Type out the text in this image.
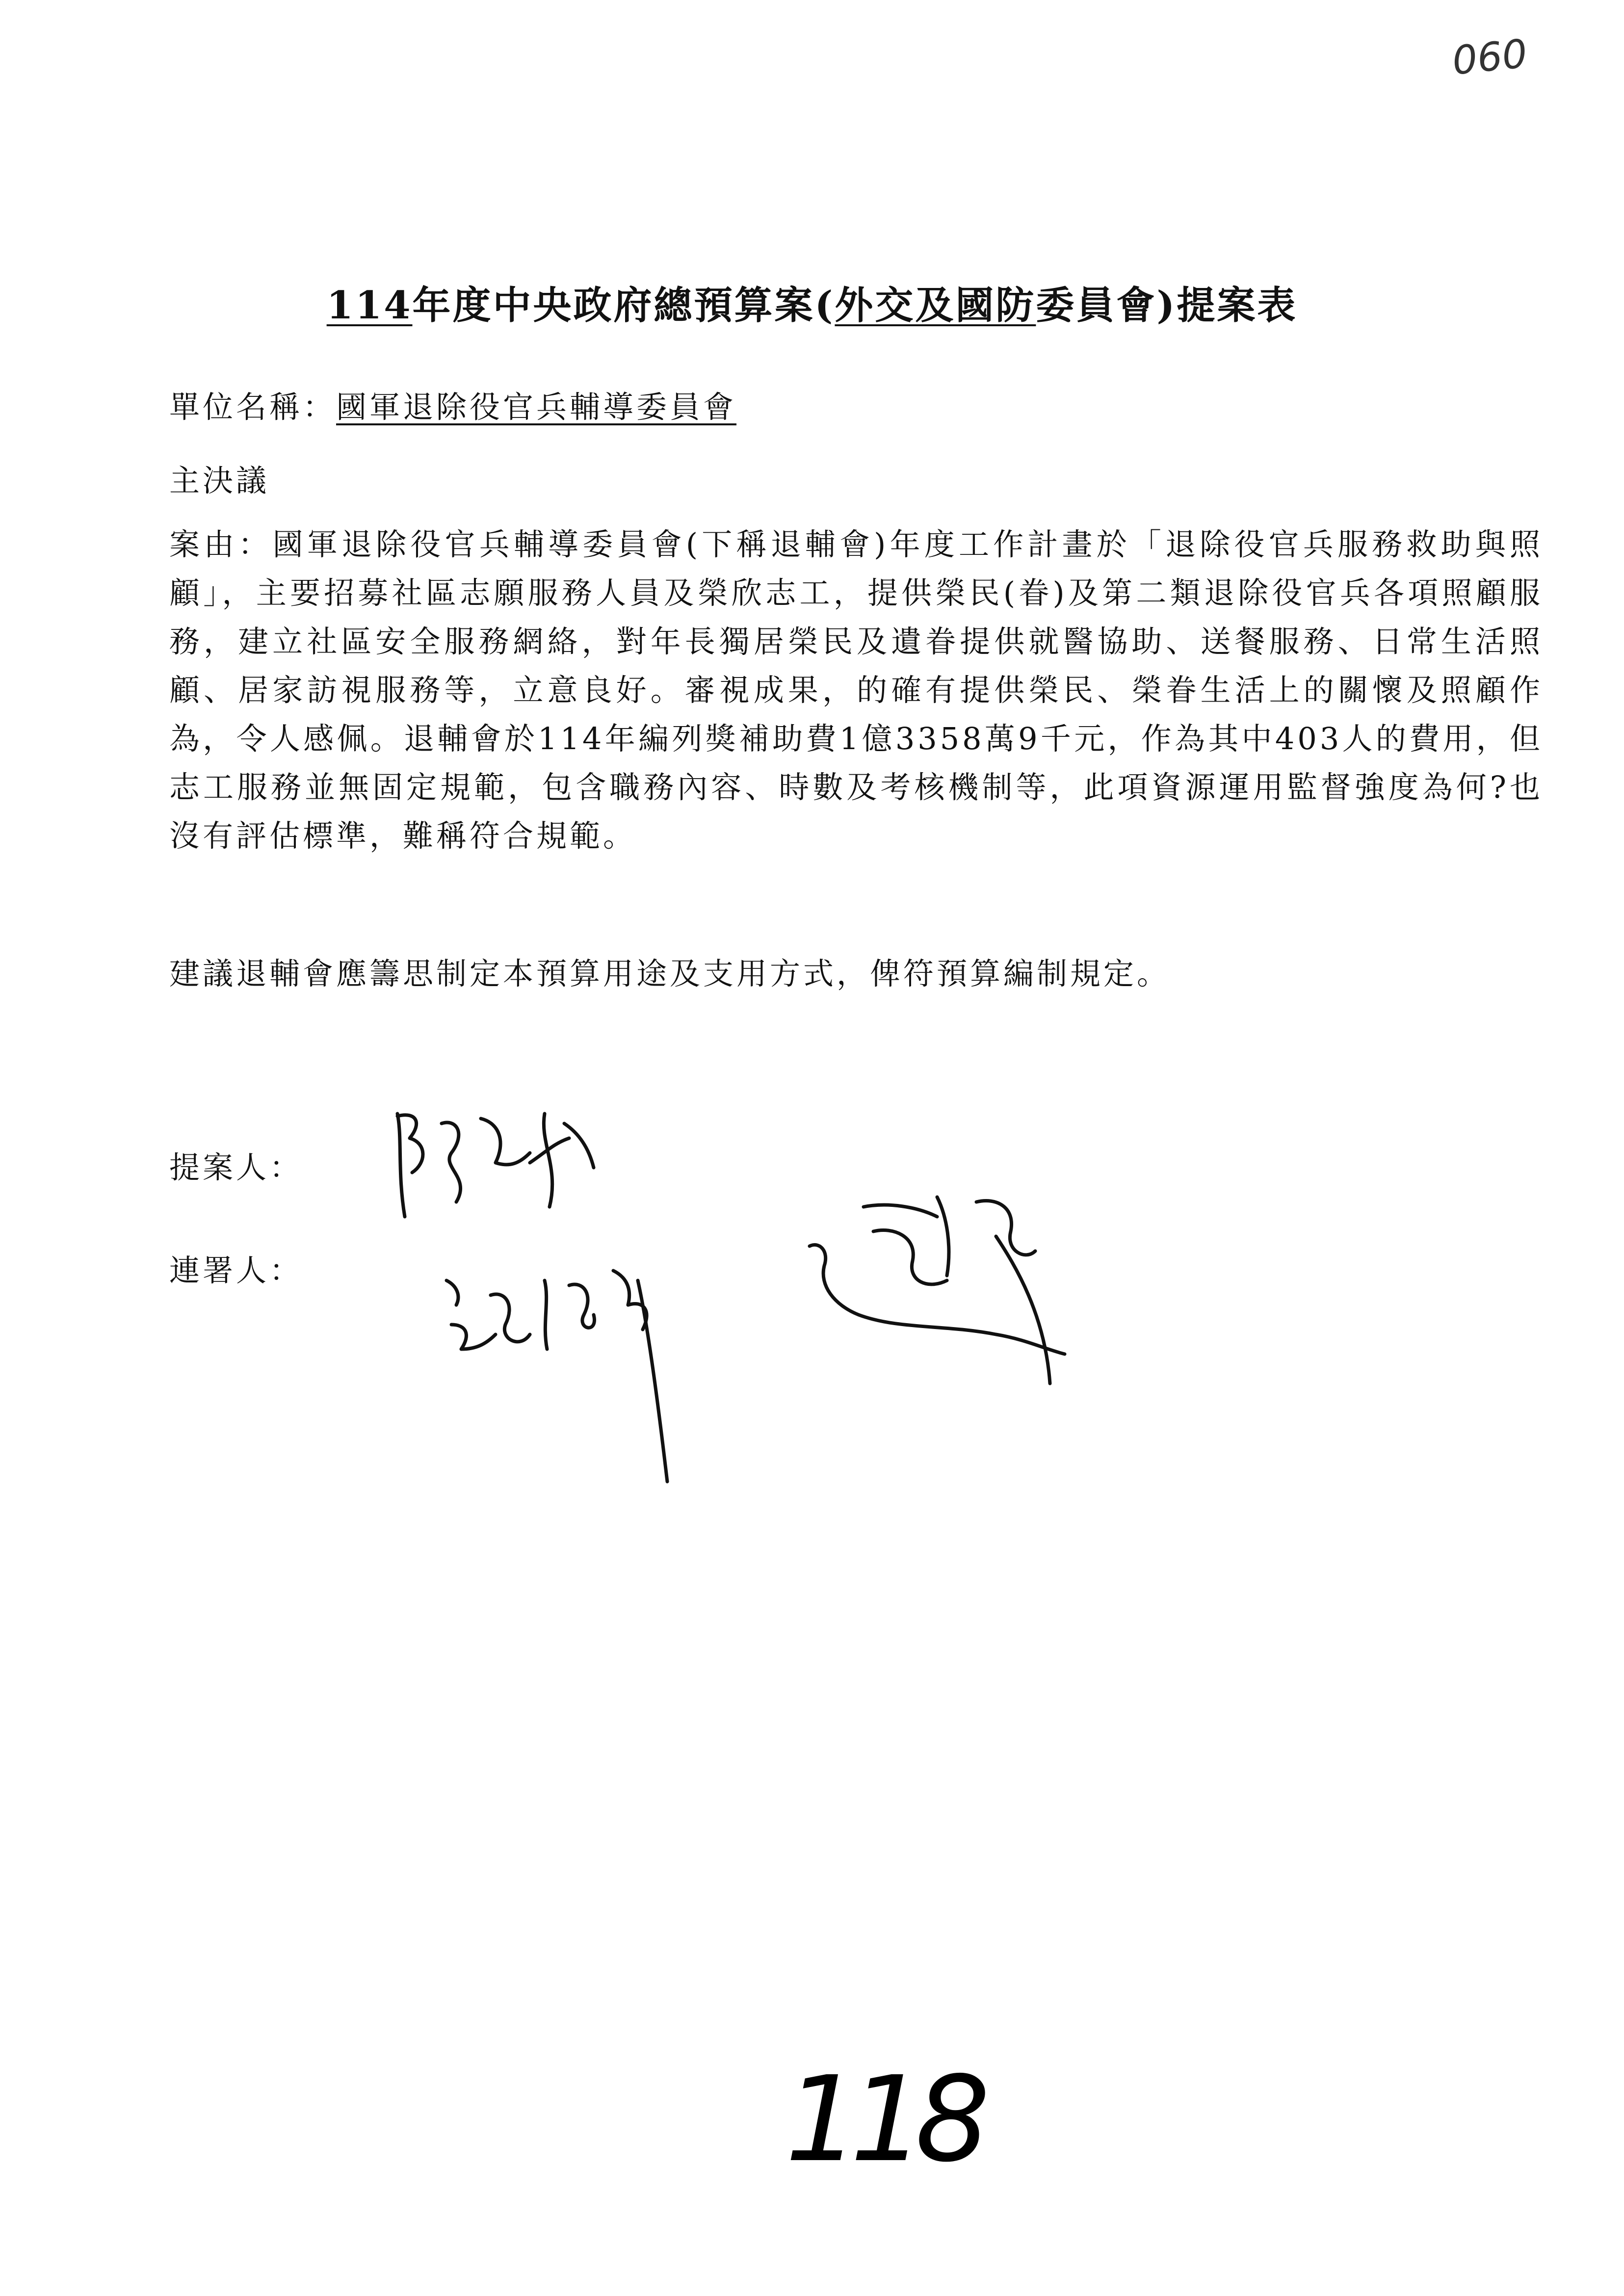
060
114年度中央政府總預算案(外交及國防委員會)提案表
單位名稱：國軍退除役官兵輔導委員會
主決議
案由：國軍退除役官兵輔導委員會(下稱退輔會)年度工作計畫於「退除役官兵服務救助與照顧」，主要招募社區志願服務人員及榮欣志工，提供榮民(眷)及第二類退除役官兵各項照顧服務，建立社區安全服務網絡，對年長獨居榮民及遺眷提供就醫協助、送餐服務、日常生活照顧、居家訪視服務等，立意良好。審視成果，的確有提供榮民、榮眷生活上的關懷及照顧作為，令人感佩。退輔會於114年編列獎補助費1億3358萬9千元，作為其中403人的費用，但志工服務並無固定規範，包含職務內容、時數及考核機制等，此項資源運用監督強度為何?也沒有評估標準，難稱符合規範。
建議退輔會應籌思制定本預算用途及支用方式，俾符預算編制規定。
提案人：
連署人：
118
